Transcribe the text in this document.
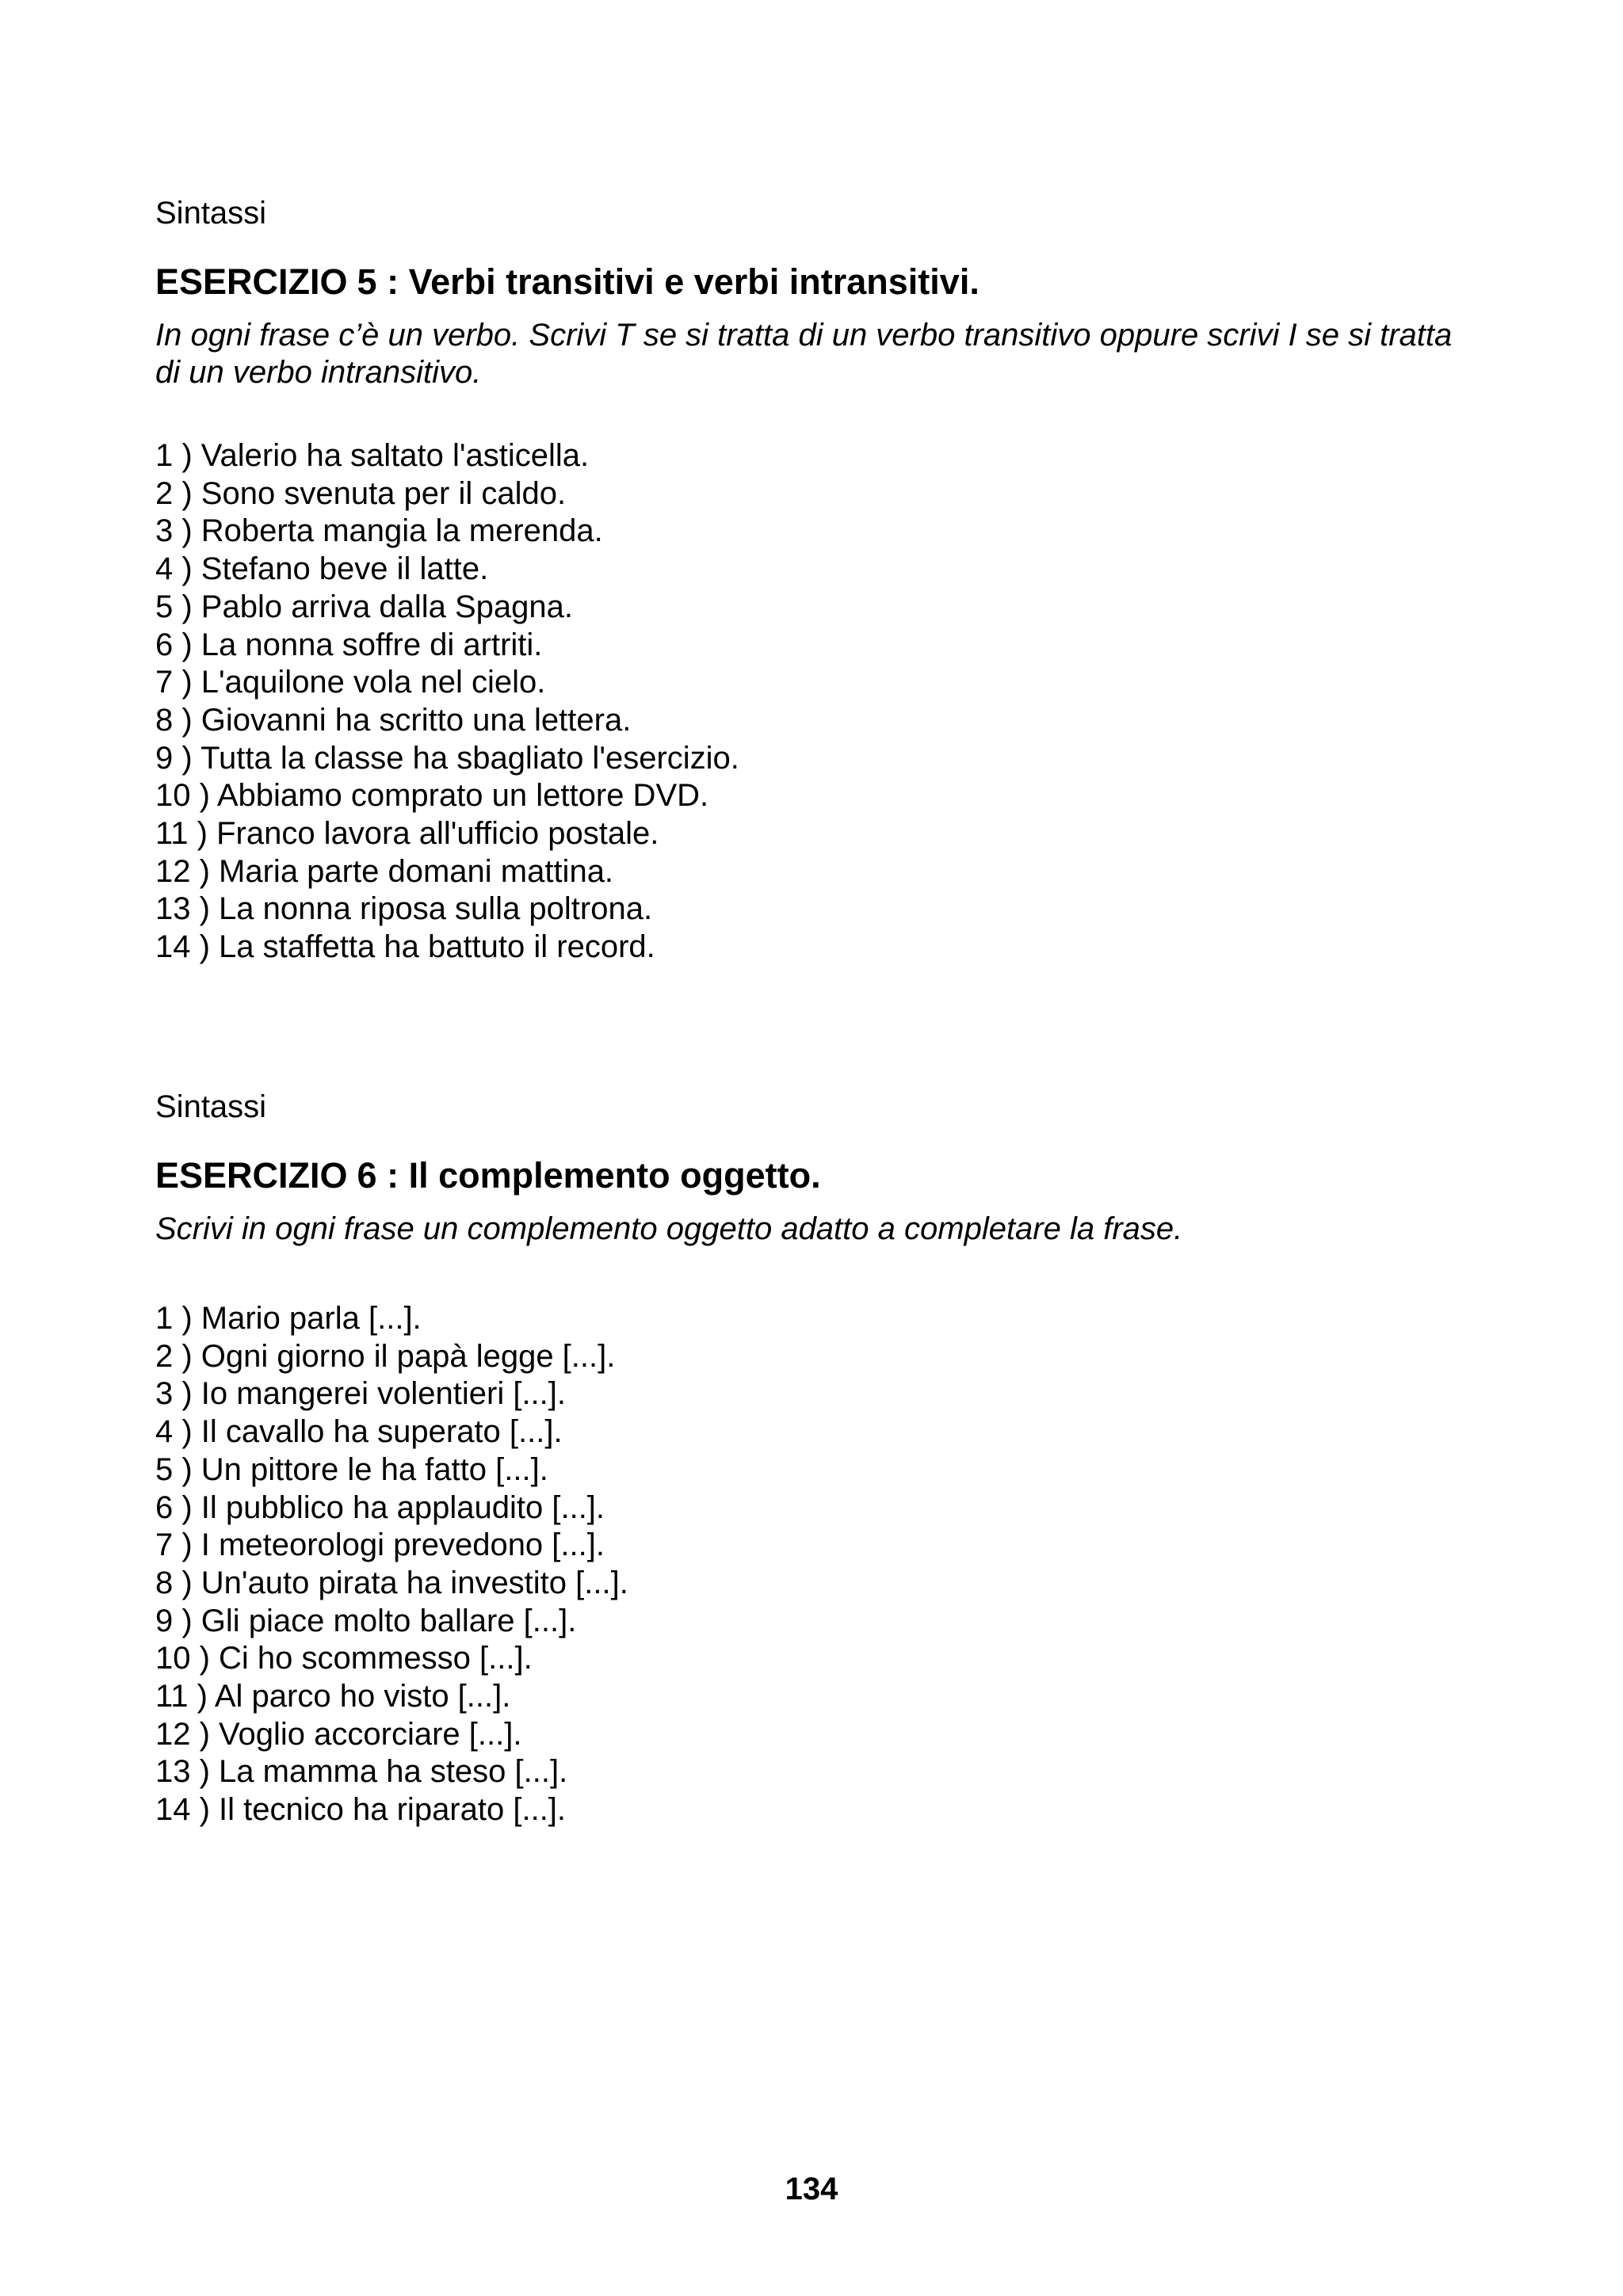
Sintassi

ESERCIZIO 5 : Verbi transitivi e verbi intransitivi.

In ogni frase c’è un verbo. Scrivi T se si tratta di un verbo transitivo oppure scrivi I se si tratta di un verbo intransitivo.

1 ) Valerio ha saltato l'asticella.
2 ) Sono svenuta per il caldo.
3 ) Roberta mangia la merenda.
4 ) Stefano beve il latte.
5 ) Pablo arriva dalla Spagna.
6 ) La nonna soffre di artriti.
7 ) L'aquilone vola nel cielo.
8 ) Giovanni ha scritto una lettera.
9 ) Tutta la classe ha sbagliato l'esercizio.
10 ) Abbiamo comprato un lettore DVD.
11 ) Franco lavora all'ufficio postale.
12 ) Maria parte domani mattina.
13 ) La nonna riposa sulla poltrona.
14 ) La staffetta ha battuto il record.

Sintassi

ESERCIZIO 6 : Il complemento oggetto.

Scrivi in ogni frase un complemento oggetto adatto a completare la frase.

1 ) Mario parla [...].
2 ) Ogni giorno il papà legge [...].
3 ) Io mangerei volentieri [...].
4 ) Il cavallo ha superato [...].
5 ) Un pittore le ha fatto [...].
6 ) Il pubblico ha applaudito [...].
7 ) I meteorologi prevedono [...].
8 ) Un'auto pirata ha investito [...].
9 ) Gli piace molto ballare [...].
10 ) Ci ho scommesso [...].
11 ) Al parco ho visto [...].
12 ) Voglio accorciare [...].
13 ) La mamma ha steso [...].
14 ) Il tecnico ha riparato [...].
134
